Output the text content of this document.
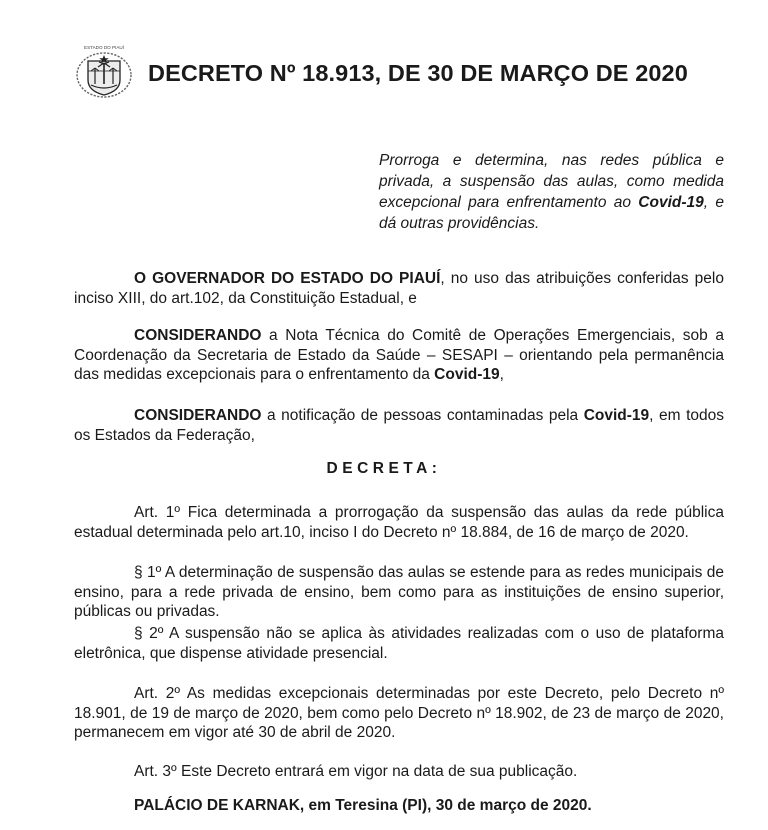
ESTADO DO PIAUÍ
DECRETO Nº 18.913, DE 30 DE MARÇO DE 2020
Prorroga e determina, nas redes pública e privada, a suspensão das aulas, como medida excepcional para enfrentamento ao Covid-19, e dá outras providências.

O GOVERNADOR DO ESTADO DO PIAUÍ, no uso das atribuições conferidas pelo inciso XIII, do art.102, da Constituição Estadual, e

CONSIDERANDO a Nota Técnica do Comitê de Operações Emergenciais, sob a Coordenação da Secretaria de Estado da Saúde – SESAPI – orientando pela permanência das medidas excepcionais para o enfrentamento da Covid-19,

CONSIDERANDO a notificação de pessoas contaminadas pela Covid-19, em todos os Estados da Federação,

DECRETA:

Art. 1º Fica determinada a prorrogação da suspensão das aulas da rede pública estadual determinada pelo art.10, inciso I do Decreto nº 18.884, de 16 de março de 2020.

§ 1º A determinação de suspensão das aulas se estende para as redes municipais de ensino, para a rede privada de ensino, bem como para as instituições de ensino superior, públicas ou privadas.

§ 2º A suspensão não se aplica às atividades realizadas com o uso de plataforma eletrônica, que dispense atividade presencial.

Art. 2º As medidas excepcionais determinadas por este Decreto, pelo Decreto nº 18.901, de 19 de março de 2020, bem como pelo Decreto nº 18.902, de 23 de março de 2020, permanecem em vigor até 30 de abril de 2020.

Art. 3º Este Decreto entrará em vigor na data de sua publicação.

PALÁCIO DE KARNAK, em Teresina (PI), 30 de março de 2020.
